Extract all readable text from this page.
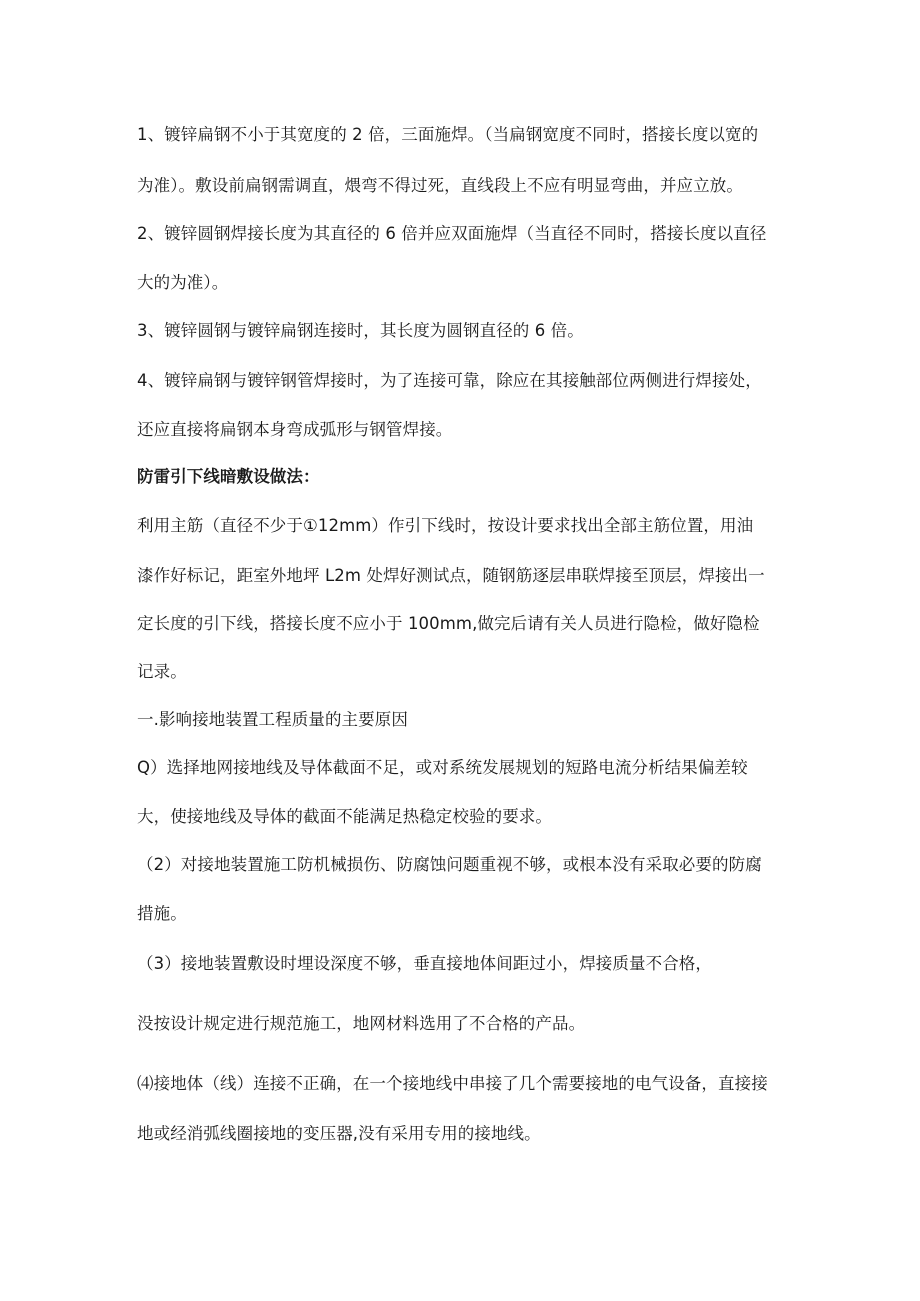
1、镀锌扁钢不小于其宽度的 2 倍，三面施焊。（当扁钢宽度不同时，搭接长度以宽的
为准）。敷设前扁钢需调直，煨弯不得过死，直线段上不应有明显弯曲，并应立放。
2、镀锌圆钢焊接长度为其直径的 6 倍并应双面施焊（当直径不同时，搭接长度以直径
大的为准）。
3、镀锌圆钢与镀锌扁钢连接时，其长度为圆钢直径的 6 倍。
4、镀锌扁钢与镀锌钢管焊接时，为了连接可靠，除应在其接触部位两侧进行焊接处，
还应直接将扁钢本身弯成弧形与钢管焊接。
防雷引下线暗敷设做法：
利用主筋（直径不少于①12mm）作引下线时，按设计要求找出全部主筋位置，用油
漆作好标记，距室外地坪 L2m 处焊好测试点，随钢筋逐层串联焊接至顶层，焊接出一
定长度的引下线，搭接长度不应小于 100mm,做完后请有关人员进行隐检，做好隐检
记录。
一.影响接地装置工程质量的主要原因
Q）选择地网接地线及导体截面不足，或对系统发展规划的短路电流分析结果偏差较
大，使接地线及导体的截面不能满足热稳定校验的要求。
（2）对接地装置施工防机械损伤、防腐蚀问题重视不够，或根本没有采取必要的防腐
措施。
（3）接地装置敷设时埋设深度不够，垂直接地体间距过小，焊接质量不合格，
没按设计规定进行规范施工，地网材料选用了不合格的产品。
⑷接地体（线）连接不正确，在一个接地线中串接了几个需要接地的电气设备，直接接
地或经消弧线圈接地的变压器,没有采用专用的接地线。
